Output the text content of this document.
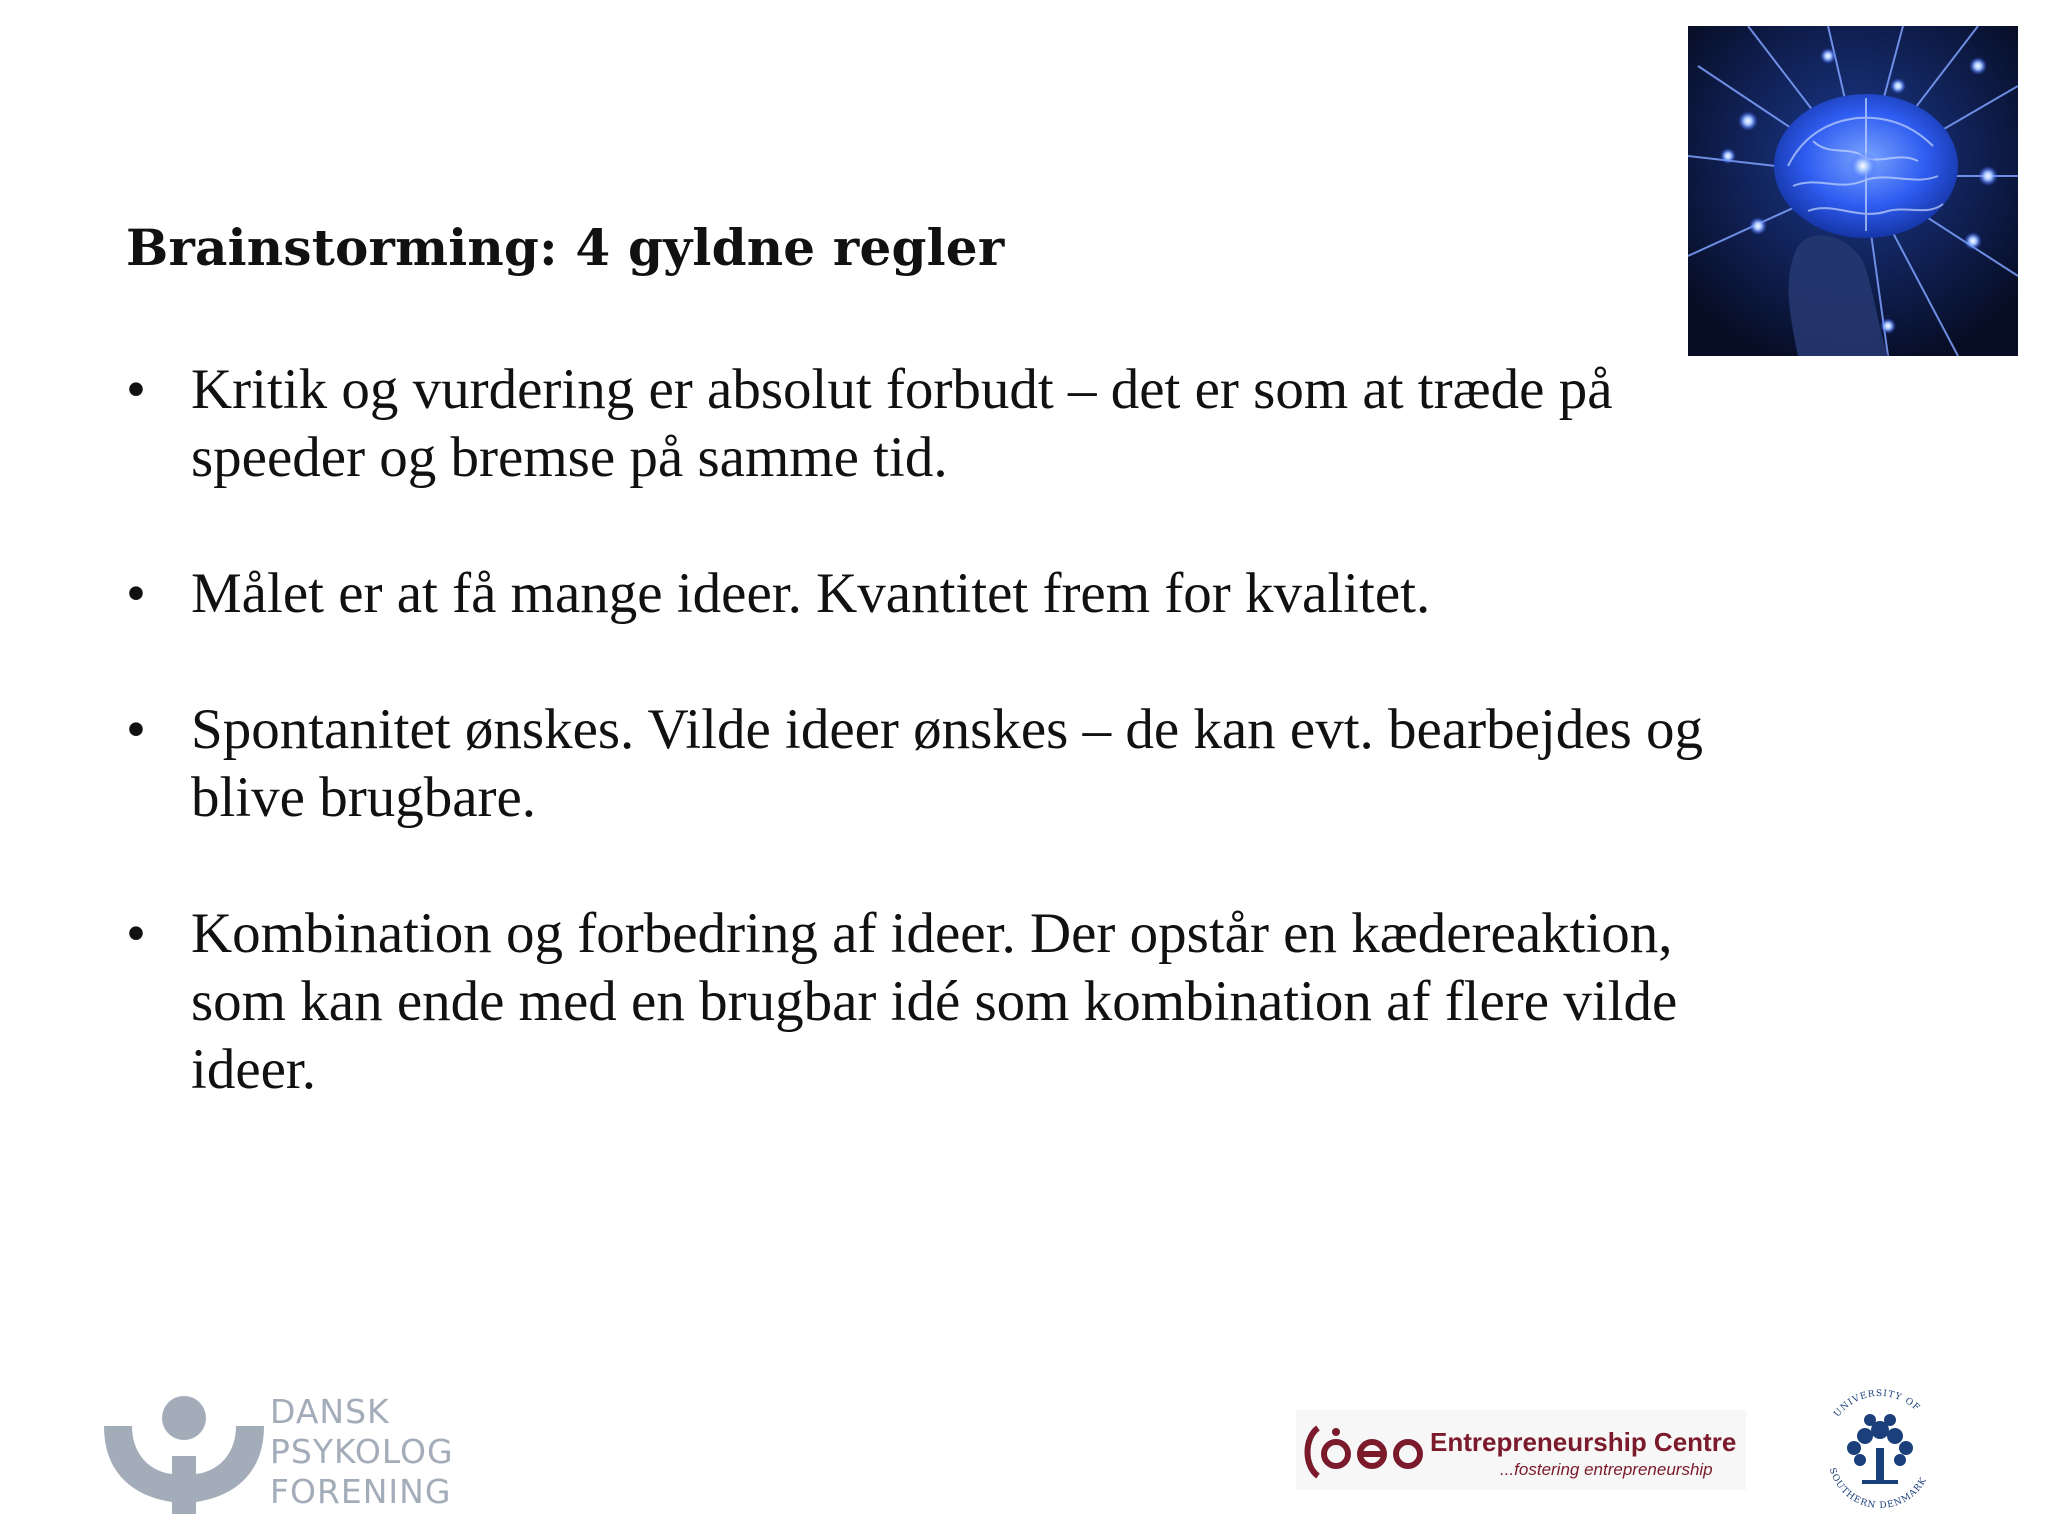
Brainstorming: 4 gyldne regler
• Kritik og vurdering er absolut forbudt – det er som at træde på
speeder og bremse på samme tid.
• Målet er at få mange ideer. Kvantitet frem for kvalitet.
• Spontanitet ønskes. Vilde ideer ønskes – de kan evt. bearbejdes og
blive brugbare.
• Kombination og forbedring af ideer. Der opstår en kædereaktion,
som kan ende med en brugbar idé som kombination af flere vilde
ideer.
DANSK
PSYKOLOG
FORENING
Entrepreneurship Centre
...fostering entrepreneurship
UNIVERSITY OF
SOUTHERN DENMARK
